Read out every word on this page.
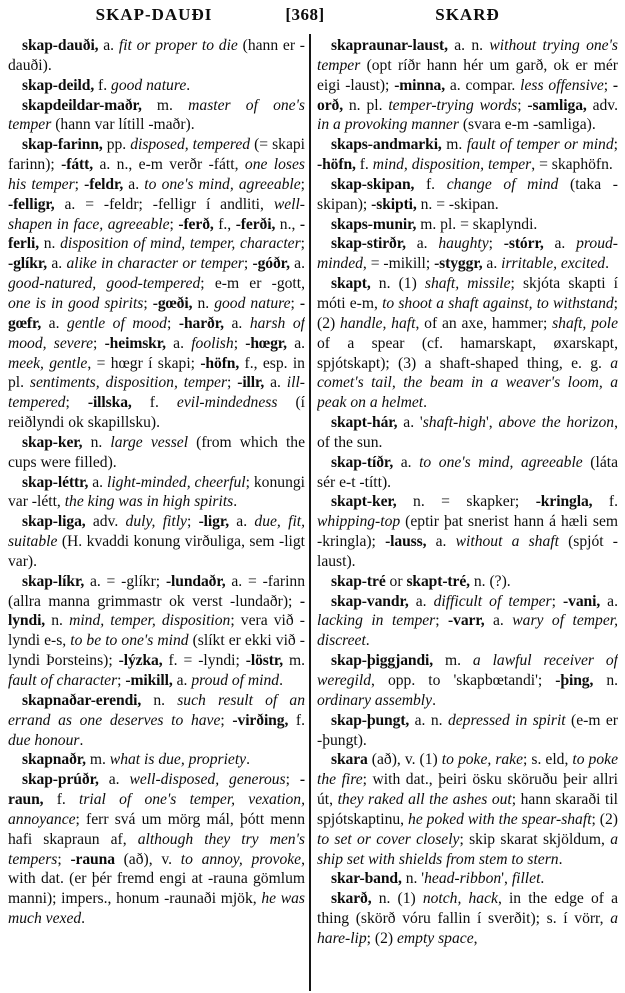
SKAP-DAUÐI	[368]	SKARÐ

skap-dauði, a. fit or proper to die (hann er -dauði).

skap-deild, f. good nature.

skapdeildar-maðr, m. master of one's temper (hann var lítill -maðr).

skap-farinn, pp. disposed, tempered (= skapi farinn); -fátt, a. n., e-m verðr -fátt, one loses his temper; -feldr, a. to one's mind, agreeable; -felligr, a. = -feldr; -felligr í andliti, well-shapen in face, agreeable; -ferð, f., -ferði, n., -ferli, n. disposition of mind, temper, character; -glíkr, a. alike in character or temper; -góðr, a. good-natured, good-tempered; e-m er -gott, one is in good spirits; -gœði, n. good nature; -gœfr, a. gentle of mood; -harðr, a. harsh of mood, severe; -heimskr, a. foolish; -hœgr, a. meek, gentle, = hœgr í skapi; -höfn, f., esp. in pl. sentiments, disposition, temper; -illr, a. ill-tempered; -illska, f. evil-mindedness (í reiðlyndi ok skapillsku).

skap-ker, n. large vessel (from which the cups were filled).

skap-léttr, a. light-minded, cheerful; konungi var -létt, the king was in high spirits.

skap-liga, adv. duly, fitly; -ligr, a. due, fit, suitable (H. kvaddi konung virðuliga, sem -ligt var).

skap-líkr, a. = -glíkr; -lundaðr, a. = -farinn (allra manna grimmastr ok verst -lundaðr); -lyndi, n. mind, temper, disposition; vera við -lyndi e-s, to be to one's mind (slíkt er ekki við -lyndi Þorsteins); -lýzka, f. = -lyndi; -löstr, m. fault of character; -mikill, a. proud of mind.

skapnaðar-erendi, n. such result of an errand as one deserves to have; -virðing, f. due honour.

skapnaðr, m. what is due, propriety.

skap-prúðr, a. well-disposed, generous; -raun, f. trial of one's temper, vexation, annoyance; ferr svá um mörg mál, þótt menn hafi skapraun af, although they try men's tempers; -rauna (að), v. to annoy, provoke, with dat. (er þér fremd engi at -rauna gömlum manni); impers., honum -raunaði mjök, he was much vexed.

skapraunar-laust, a. n. without trying one's temper (opt ríðr hann hér um garð, ok er mér eigi -laust); -minna, a. compar. less offensive; -orð, n. pl. temper-trying words; -samliga, adv. in a provoking manner (svara e-m -samliga).

skaps-andmarki, m. fault of temper or mind; -höfn, f. mind, disposition, temper, = skaphöfn.

skap-skipan, f. change of mind (taka -skipan); -skipti, n. = -skipan.

skaps-munir, m. pl. = skaplyndi.

skap-stirðr, a. haughty; -stórr, a. proud-minded, = -mikill; -styggr, a. irritable, excited.

skapt, n. (1) shaft, missile; skjóta skapti í móti e-m, to shoot a shaft against, to withstand; (2) handle, haft, of an axe, hammer; shaft, pole of a spear (cf. hamarskapt, øxarskapt, spjótskapt); (3) a shaft-shaped thing, e. g. a comet's tail, the beam in a weaver's loom, a peak on a helmet.

skapt-hár, a. 'shaft-high', above the horizon, of the sun.

skap-tíðr, a. to one's mind, agreeable (láta sér e-t -títt).

skapt-ker, n. = skapker; -kringla, f. whipping-top (eptir þat snerist hann á hæli sem -kringla); -lauss, a. without a shaft (spjót -laust).

skap-tré or skapt-tré, n. (?).

skap-vandr, a. difficult of temper; -vani, a. lacking in temper; -varr, a. wary of temper, discreet.

skap-þiggjandi, m. a lawful receiver of weregild, opp. to 'skapbœtandi'; -þing, n. ordinary assembly.

skap-þungt, a. n. depressed in spirit (e-m er -þungt).

skara (að), v. (1) to poke, rake; s. eld, to poke the fire; with dat., þeiri ösku sköruðu þeir allri út, they raked all the ashes out; hann skaraði til spjótskaptinu, he poked with the spear-shaft; (2) to set or cover closely; skip skarat skjöldum, a ship set with shields from stem to stern.

skar-band, n. 'head-ribbon', fillet.

skarð, n. (1) notch, hack, in the edge of a thing (skörð vóru fallin í sverðit); s. í vörr, a hare-lip; (2) empty space,
